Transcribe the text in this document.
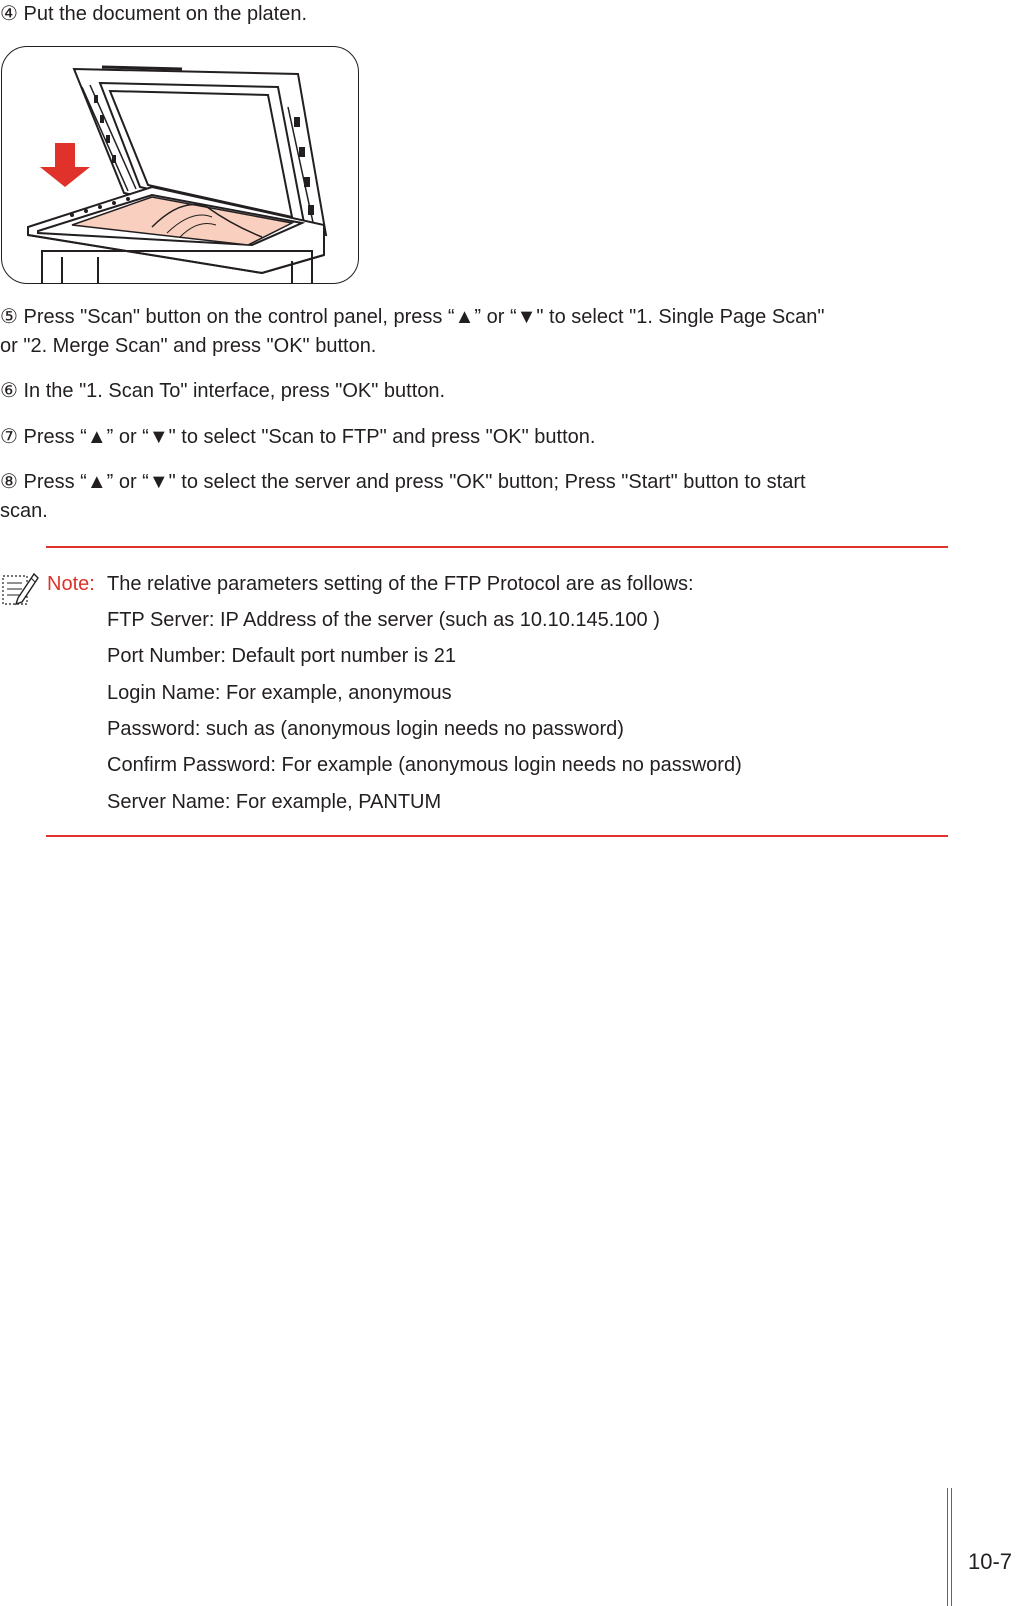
④ Put the document on the platen.

⑤ Press "Scan" button on the control panel, press “▲” or “▼" to select "1. Single Page Scan"

or "2. Merge Scan" and press "OK" button.

⑥ In the "1. Scan To" interface, press "OK" button.

⑦ Press “▲” or “▼" to select "Scan to FTP" and press "OK" button.

⑧ Press “▲” or “▼" to select the server and press "OK" button; Press "Start" button to start

scan.

Note: The relative parameters setting of the FTP Protocol are as follows:
FTP Server: IP Address of the server (such as 10.10.145.100 )
Port Number: Default port number is 21
Login Name: For example, anonymous
Password: such as (anonymous login needs no password)
Confirm Password: For example (anonymous login needs no password)
Server Name: For example, PANTUM
10-7
